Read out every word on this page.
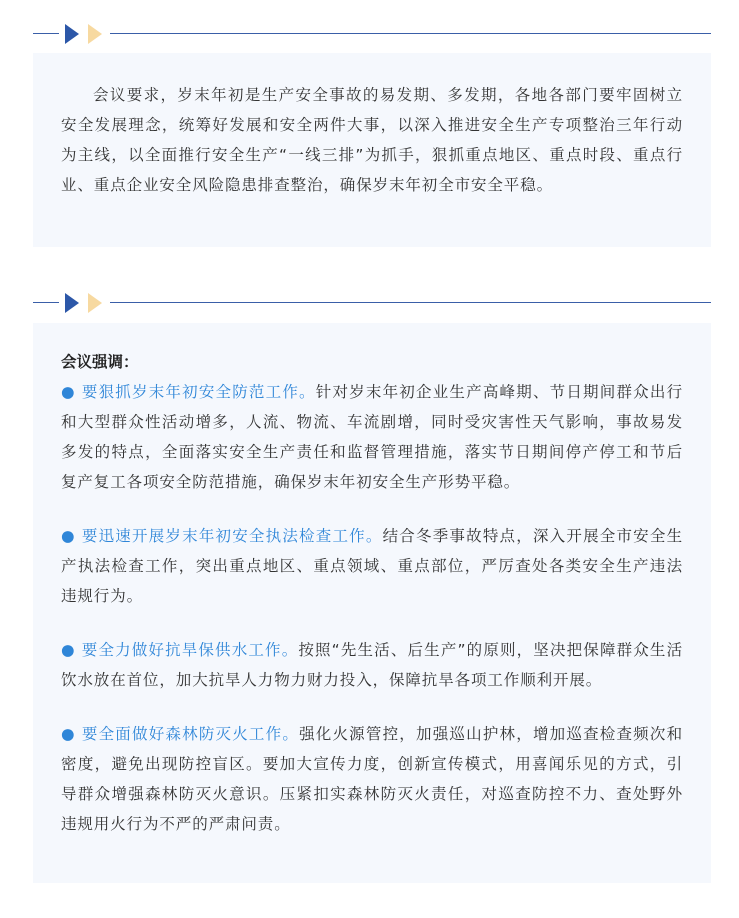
会议要求，岁末年初是生产安全事故的易发期、多发期，各地各部门要牢固树立安全发展理念，统筹好发展和安全两件大事，以深入推进安全生产专项整治三年行动为主线，以全面推行安全生产“一线三排”为抓手，狠抓重点地区、重点时段、重点行业、重点企业安全风险隐患排查整治，确保岁末年初全市安全平稳。

会议强调：

● 要狠抓岁末年初安全防范工作。针对岁末年初企业生产高峰期、节日期间群众出行和大型群众性活动增多，人流、物流、车流剧增，同时受灾害性天气影响，事故易发多发的特点，全面落实安全生产责任和监督管理措施，落实节日期间停产停工和节后复产复工各项安全防范措施，确保岁末年初安全生产形势平稳。

● 要迅速开展岁末年初安全执法检查工作。结合冬季事故特点，深入开展全市安全生产执法检查工作，突出重点地区、重点领域、重点部位，严厉查处各类安全生产违法违规行为。

● 要全力做好抗旱保供水工作。按照“先生活、后生产”的原则，坚决把保障群众生活饮水放在首位，加大抗旱人力物力财力投入，保障抗旱各项工作顺利开展。

● 要全面做好森林防灭火工作。强化火源管控，加强巡山护林，增加巡查检查频次和密度，避免出现防控盲区。要加大宣传力度，创新宣传模式，用喜闻乐见的方式，引导群众增强森林防灭火意识。压紧扣实森林防灭火责任，对巡查防控不力、查处野外违规用火行为不严的严肃问责。
